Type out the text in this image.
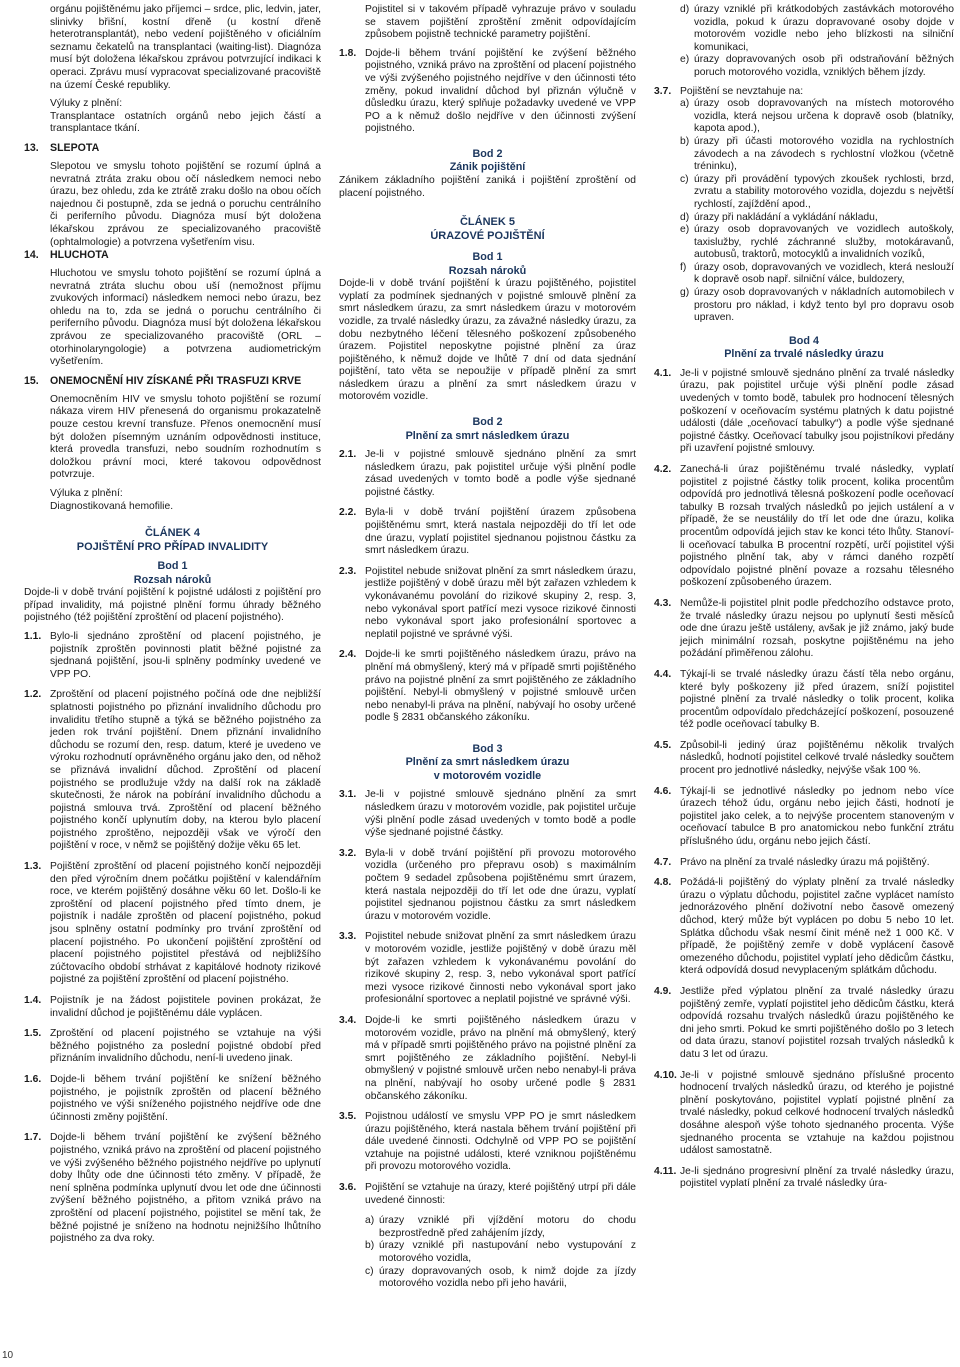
orgánu pojištěnému jako příjemci – srdce, plic, ledvin, jater, slinivky břišní, kostní dřeně (u kostní dřeně heterotransplantát), nebo vedení pojištěného v oficiálním seznamu čekatelů na transplantaci (waiting-list). Diagnóza musí být doložena lékařskou zprávou potvrzující indikaci k operaci. Zprávu musí vypracovat specializované pracoviště na území České republiky.

Výluky z plnění:

Transplantace ostatních orgánů nebo jejich částí a transplantace tkání.

13. SLEPOTA

Slepotou ve smyslu tohoto pojištění se rozumí úplná a nevratná ztráta zraku obou očí následkem nemoci nebo úrazu, bez ohledu, zda ke ztrátě zraku došlo na obou očích najednou či postupně, zda se jedná o poruchu centrálního či periferního původu. Diagnóza musí být doložena lékařskou zprávou ze specializovaného pracoviště (ophtalmologie) a potvrzena vyšetřením visu.

14. HLUCHOTA

Hluchotou ve smyslu tohoto pojištění se rozumí úplná a nevratná ztráta sluchu obou uší (nemožnost příjmu zvukových informací) následkem nemoci nebo úrazu, bez ohledu na to, zda se jedná o poruchu centrálního či periferního původu. Diagnóza musí být doložena lékařskou zprávou ze specializovaného pracoviště (ORL – otorhinolaryngologie) a potvrzena audiometrickým vyšetřením.

15. ONEMOCNĚNÍ HIV ZÍSKANÉ PŘI TRASFUZI KRVE

Onemocněním HIV ve smyslu tohoto pojištění se rozumí nákaza virem HIV přenesená do organismu prokazatelně pouze cestou krevní transfuze. Přenos onemocnění musí být doložen písemným uznáním odpovědnosti instituce, která provedla transfuzi, nebo soudním rozhodnutím s doložkou právní moci, které takovou odpovědnost potvrzuje.

Výluka z plnění:

Diagnostikovaná hemofilie.

ČLÁNEK 4

POJIŠTĚNÍ PRO PŘÍPAD INVALIDITY

Bod 1

Rozsah nároků

Dojde-li v době trvání pojištění k pojistné události z pojištění pro případ invalidity, má pojistné plnění formu úhrady běžného pojistného (též pojištění zproštění od placení pojistného).

1.1. Bylo-li sjednáno zproštění od placení pojistného, je pojistník zproštěn povinnosti platit běžné pojistné za sjednaná pojištění, jsou-li splněny podmínky uvedené ve VPP PO.
1.2. Zproštění od placení pojistného počíná ode dne nejbližší splatnosti pojistného po přiznání invalidního důchodu pro invaliditu třetího stupně a týká se běžného pojistného za jeden rok trvání pojištění. Dnem přiznání invalidního důchodu se rozumí den, resp. datum, které je uvedeno ve výroku rozhodnutí oprávněného orgánu jako den, od něhož se přiznává invalidní důchod. Zproštění od placení pojistného se prodlužuje vždy na další rok na základě skutečnosti, že nárok na pobírání invalidního důchodu a pojistná smlouva trvá. Zproštění od placení běžného pojistného končí uplynutím doby, na kterou bylo placení pojistného zproštěno, nejpozději však ve výročí den pojištění v roce, v němž se pojištěný dožije věku 65 let.
1.3. Pojištění zproštění od placení pojistného končí nejpozději den před výročním dnem počátku pojištění v kalendářním roce, ve kterém pojištěný dosáhne věku 60 let. Došlo-li ke zproštění od placení pojistného před tímto dnem, je pojistník i nadále zproštěn od placení pojistného, pokud jsou splněny ostatní podmínky pro trvání zproštění od placení pojistného. Po ukončení pojištění zproštění od placení pojistného pojistitel přestává od nejbližšího zúčtovacího období strhávat z kapitálové hodnoty rizikové pojistné za pojištění zproštění od placení pojistného.
1.4. Pojistník je na žádost pojistitele povinen prokázat, že invalidní důchod je pojištěnému dále vyplácen.
1.5. Zproštění od placení pojistného se vztahuje na výši běžného pojistného za poslední pojistné období před přiznáním invalidního důchodu, není-li uvedeno jinak.
1.6. Dojde-li během trvání pojištění ke snížení běžného pojistného, je pojistník zproštěn od placení běžného pojistného ve výši sníženého pojistného nejdříve ode dne účinnosti změny pojištění.
1.7. Dojde-li během trvání pojištění ke zvýšení běžného pojistného, vzniká právo na zproštění od placení pojistného ve výši zvýšeného běžného pojistného nejdříve po uplynutí doby lhůty ode dne účinnosti této změny. V případě, že není splněna podmínka uplynutí dvou let ode dne účinnosti zvýšení běžného pojistného, a přitom vzniká právo na zproštění od placení pojistného, pojistitel se mění tak, že běžné pojistné je sníženo na hodnotu nejnižšího lhůtního pojistného za dva roky.

Pojistitel si v takovém případě vyhrazuje právo v souladu se stavem pojištění zproštění změnit odpovídajícím způsobem pojistně technické parametry pojištění.

1.8. Dojde-li během trvání pojištění ke zvýšení běžného pojistného, vzniká právo na zproštění od placení pojistného ve výši zvýšeného pojistného nejdříve v den účinnosti této změny, pokud invalidní důchod byl přiznán výlučně v důsledku úrazu, který splňuje požadavky uvedené ve VPP PO a k němuž došlo nejdříve v den účinnosti zvýšení pojistného.

Bod 2

Zánik pojištění

Zánikem základního pojištění zaniká i pojištění zproštění od placení pojistného.

ČLÁNEK 5

ÚRAZOVÉ POJIŠTĚNÍ

Bod 1

Rozsah nároků

Dojde-li v době trvání pojištění k úrazu pojištěného, pojistitel vyplatí za podmínek sjednaných v pojistné smlouvě plnění za smrt následkem úrazu, za smrt následkem úrazu v motorovém vozidle, za trvalé následky úrazu, za závažné následky úrazu, za dobu nezbytného léčení tělesného poškození způsobeného úrazem. Pojistitel neposkytne pojistné plnění za úraz pojištěného, k němuž dojde ve lhůtě 7 dní od data sjednání pojištění, tato věta se nepoužije v případě plnění za smrt následkem úrazu a plnění za smrt následkem úrazu v motorovém vozidle.

Bod 2

Plnění za smrt následkem úrazu

2.1. Je-li v pojistné smlouvě sjednáno plnění za smrt následkem úrazu, pak pojistitel určuje výši plnění podle zásad uvedených v tomto bodě a podle výše sjednané pojistné částky.
2.2. Byla-li v době trvání pojištění úrazem způsobena pojištěnému smrt, která nastala nejpozději do tří let ode dne úrazu, vyplatí pojistitel sjednanou pojistnou částku za smrt následkem úrazu.
2.3. Pojistitel nebude snižovat plnění za smrt následkem úrazu, jestliže pojištěný v době úrazu měl být zařazen vzhledem k vykonávanému povolání do rizikové skupiny 2, resp. 3, nebo vykonával sport patřící mezi vysoce rizikové činnosti nebo vykonával sport jako profesionální sportovec a neplatil pojistné ve správné výši.
2.4. Dojde-li ke smrti pojištěného následkem úrazu, právo na plnění má obmyšlený, který má v případě smrti pojištěného právo na pojistné plnění za smrt pojištěného ze základního pojištění. Nebyl-li obmyšlený v pojistné smlouvě určen nebo nenabyl-li práva na plnění, nabývají ho osoby určené podle § 2831 občanského zákoníku.

Bod 3

Plnění za smrt následkem úrazu

v motorovém vozidle

3.1. Je-li v pojistné smlouvě sjednáno plnění za smrt následkem úrazu v motorovém vozidle, pak pojistitel určuje výši plnění podle zásad uvedených v tomto bodě a podle výše sjednané pojistné částky.
3.2. Byla-li v době trvání pojištění při provozu motorového vozidla (určeného pro přepravu osob) s maximálním počtem 9 sedadel způsobena pojištěnému smrt úrazem, která nastala nejpozději do tří let ode dne úrazu, vyplatí pojistitel sjednanou pojistnou částku za smrt následkem úrazu v motorovém vozidle.
3.3. Pojistitel nebude snižovat plnění za smrt následkem úrazu v motorovém vozidle, jestliže pojištěný v době úrazu měl být zařazen vzhledem k vykonávanému povolání do rizikové skupiny 2, resp. 3, nebo vykonával sport patřící mezi vysoce rizikové činnosti nebo vykonával sport jako profesionální sportovec a neplatil pojistné ve správné výši.
3.4. Dojde-li ke smrti pojištěného následkem úrazu v motorovém vozidle, právo na plnění má obmyšlený, který má v případě smrti pojištěného právo na pojistné plnění za smrt pojištěného ze základního pojištění. Nebyl-li obmyšlený v pojistné smlouvě určen nebo nenabyl-li práva na plnění, nabývají ho osoby určené podle § 2831 občanského zákoníku.
3.5. Pojistnou událostí ve smyslu VPP PO je smrt následkem úrazu pojištěného, která nastala během trvání pojištění při dále uvedené činnosti. Odchylně od VPP PO se pojištění vztahuje na pojistné události, které vzniknou pojištěnému při provozu motorového vozidla.
3.6. Pojištění se vztahuje na úrazy, které pojištěný utrpí při dále uvedené činnosti:
a) úrazy vzniklé při vjíždění motoru do chodu bezprostředně před zahájením jízdy,
b) úrazy vzniklé při nastupování nebo vystupování z motorového vozidla,
c) úrazy dopravovaných osob, k nimž dojde za jízdy motorového vozidla nebo při jeho havárii,
d) úrazy vzniklé při krátkodobých zastávkách motorového vozidla, pokud k úrazu dopravované osoby dojde v motorovém vozidle nebo jeho blízkosti na silniční komunikaci,
e) úrazy dopravovaných osob při odstraňování běžných poruch motorového vozidla, vzniklých během jízdy.
3.7. Pojištění se nevztahuje na:
a) úrazy osob dopravovaných na místech motorového vozidla, která nejsou určena k dopravě osob (blatníky, kapota apod.),
b) úrazy při účasti motorového vozidla na rychlostních závodech a na závodech s rychlostní vložkou (včetně tréninku),
c) úrazy při provádění typových zkoušek rychlosti, brzd, zvratu a stability motorového vozidla, dojezdu s největší rychlostí, zajíždění apod.,
d) úrazy při nakládání a vykládání nákladu,
e) úrazy osob dopravovaných ve vozidlech autoškoly, taxislužby, rychlé záchranné služby, motokáravanů, autobusů, traktorů, motocyklů a invalidních vozíků,
f) úrazy osob, dopravovaných ve vozidlech, která neslouží k dopravě osob např. silniční válce, buldozery,
g) úrazy osob dopravovaných v nákladních automobilech v prostoru pro náklad, i když tento byl pro dopravu osob upraven.

Bod 4

Plnění za trvalé následky úrazu

4.1. Je-li v pojistné smlouvě sjednáno plnění za trvalé následky úrazu, pak pojistitel určuje výši plnění podle zásad uvedených v tomto bodě, tabulek pro hodnocení tělesných poškození v oceňovacím systému platných k datu pojistné události (dále „oceňovací tabulky“) a podle výše sjednané pojistné částky. Oceňovací tabulky jsou pojistníkovi předány při uzavření pojistné smlouvy.
4.2. Zanechá-li úraz pojištěnému trvalé následky, vyplatí pojistitel z pojistné částky tolik procent, kolika procentům odpovídá pro jednotlivá tělesná poškození podle oceňovací tabulky B rozsah trvalých následků po jejich ustálení a v případě, že se neustálily do tří let ode dne úrazu, kolika procentům odpovídá jejich stav ke konci této lhůty. Stanoví-li oceňovací tabulka B procentní rozpětí, určí pojistitel výši pojistného plnění tak, aby v rámci daného rozpětí odpovídalo pojistné plnění povaze a rozsahu tělesného poškození způsobeného úrazem.
4.3. Nemůže-li pojistitel plnit podle předchozího odstavce proto, že trvalé následky úrazu nejsou po uplynutí šesti měsíců ode dne úrazu ještě ustáleny, avšak je již známo, jaký bude jejich minimální rozsah, poskytne pojištěnému na jeho požádání přiměřenou zálohu.
4.4. Týkají-li se trvalé následky úrazu částí těla nebo orgánu, které byly poškozeny již před úrazem, sníží pojistitel pojistné plnění za trvalé následky o tolik procent, kolika procentům odpovídalo předcházející poškození, posouzené též podle oceňovací tabulky B.
4.5. Způsobil-li jediný úraz pojištěnému několik trvalých následků, hodnotí pojistitel celkové trvalé následky součtem procent pro jednotlivé následky, nejvýše však 100 %.
4.6. Týkají-li se jednotlivé následky po jednom nebo více úrazech téhož údu, orgánu nebo jejich části, hodnotí je pojistitel jako celek, a to nejvýše procentem stanoveným v oceňovací tabulce B pro anatomickou nebo funkční ztrátu příslušného údu, orgánu nebo jejich částí.
4.7. Právo na plnění za trvalé následky úrazu má pojištěný.
4.8. Požádá-li pojištěný do výplaty plnění za trvalé následky úrazu o výplatu důchodu, pojistitel začne vyplácet namísto jednorázového plnění doživotní nebo časově omezený důchod, který může být vyplácen po dobu 5 nebo 10 let. Splátka důchodu však nesmí činit méně než 1 000 Kč. V případě, že pojištěný zemře v době vyplácení časově omezeného důchodu, pojistitel vyplatí jeho dědicům částku, která odpovídá dosud nevyplaceným splátkám důchodu.
4.9. Jestliže před výplatou plnění za trvalé následky úrazu pojištěný zemře, vyplatí pojistitel jeho dědicům částku, která odpovídá rozsahu trvalých následků úrazu pojištěného ke dni jeho smrti. Pokud ke smrti pojištěného došlo po 3 letech od data úrazu, stanoví pojistitel rozsah trvalých následků k datu 3 let od úrazu.
4.10. Je-li v pojistné smlouvě sjednáno příslušné procento hodnocení trvalých následků úrazu, od kterého je pojistné plnění poskytováno, pojistitel vyplatí pojistné plnění za trvalé následky, pokud celkové hodnocení trvalých následků dosáhne alespoň výše tohoto sjednaného procenta. Výše sjednaného procenta se vztahuje na každou pojistnou událost samostatně.
4.11. Je-li sjednáno progresivní plnění za trvalé následky úrazu, pojistitel vyplatí plnění za trvalé následky úra-
10
